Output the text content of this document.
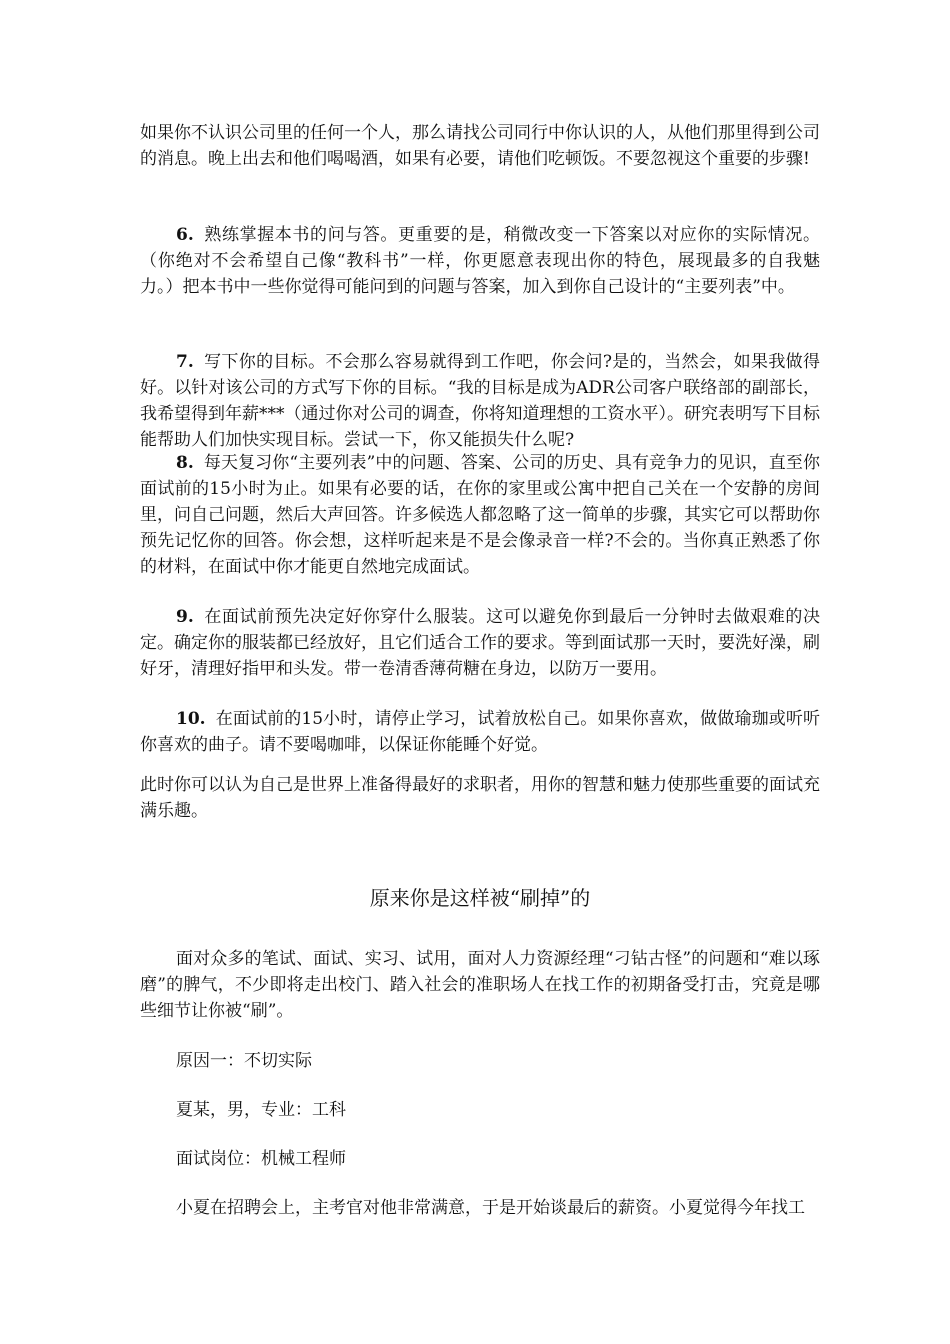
如果你不认识公司里的任何一个人，那么请找公司同行中你认识的人，从他们那里得到公司的消息。晚上出去和他们喝喝酒，如果有必要，请他们吃顿饭。不要忽视这个重要的步骤!

6. 熟练掌握本书的问与答。更重要的是，稍微改变一下答案以对应你的实际情况。（你绝对不会希望自己像“教科书”一样，你更愿意表现出你的特色，展现最多的自我魅力。）把本书中一些你觉得可能问到的问题与答案，加入到你自己设计的“主要列表”中。

7. 写下你的目标。不会那么容易就得到工作吧，你会问?是的，当然会，如果我做得好。以针对该公司的方式写下你的目标。“我的目标是成为ADR公司客户联络部的副部长，我希望得到年薪***（通过你对公司的调查，你将知道理想的工资水平）。研究表明写下目标能帮助人们加快实现目标。尝试一下，你又能损失什么呢?

8. 每天复习你“主要列表”中的问题、答案、公司的历史、具有竞争力的见识，直至你面试前的15小时为止。如果有必要的话，在你的家里或公寓中把自己关在一个安静的房间里，问自己问题，然后大声回答。许多候选人都忽略了这一简单的步骤，其实它可以帮助你预先记忆你的回答。你会想，这样听起来是不是会像录音一样?不会的。当你真正熟悉了你的材料，在面试中你才能更自然地完成面试。

9. 在面试前预先决定好你穿什么服装。这可以避免你到最后一分钟时去做艰难的决定。确定你的服装都已经放好，且它们适合工作的要求。等到面试那一天时，要洗好澡，刷好牙，清理好指甲和头发。带一卷清香薄荷糖在身边，以防万一要用。

10. 在面试前的15小时，请停止学习，试着放松自己。如果你喜欢，做做瑜珈或听听你喜欢的曲子。请不要喝咖啡，以保证你能睡个好觉。

此时你可以认为自己是世界上准备得最好的求职者，用你的智慧和魅力使那些重要的面试充满乐趣。

原来你是这样被“刷掉”的

面对众多的笔试、面试、实习、试用，面对人力资源经理“刁钻古怪”的问题和“难以琢磨”的脾气，不少即将走出校门、踏入社会的准职场人在找工作的初期备受打击，究竟是哪些细节让你被“刷”。

原因一：不切实际

夏某，男，专业：工科

面试岗位：机械工程师

小夏在招聘会上，主考官对他非常满意，于是开始谈最后的薪资。小夏觉得今年找工
